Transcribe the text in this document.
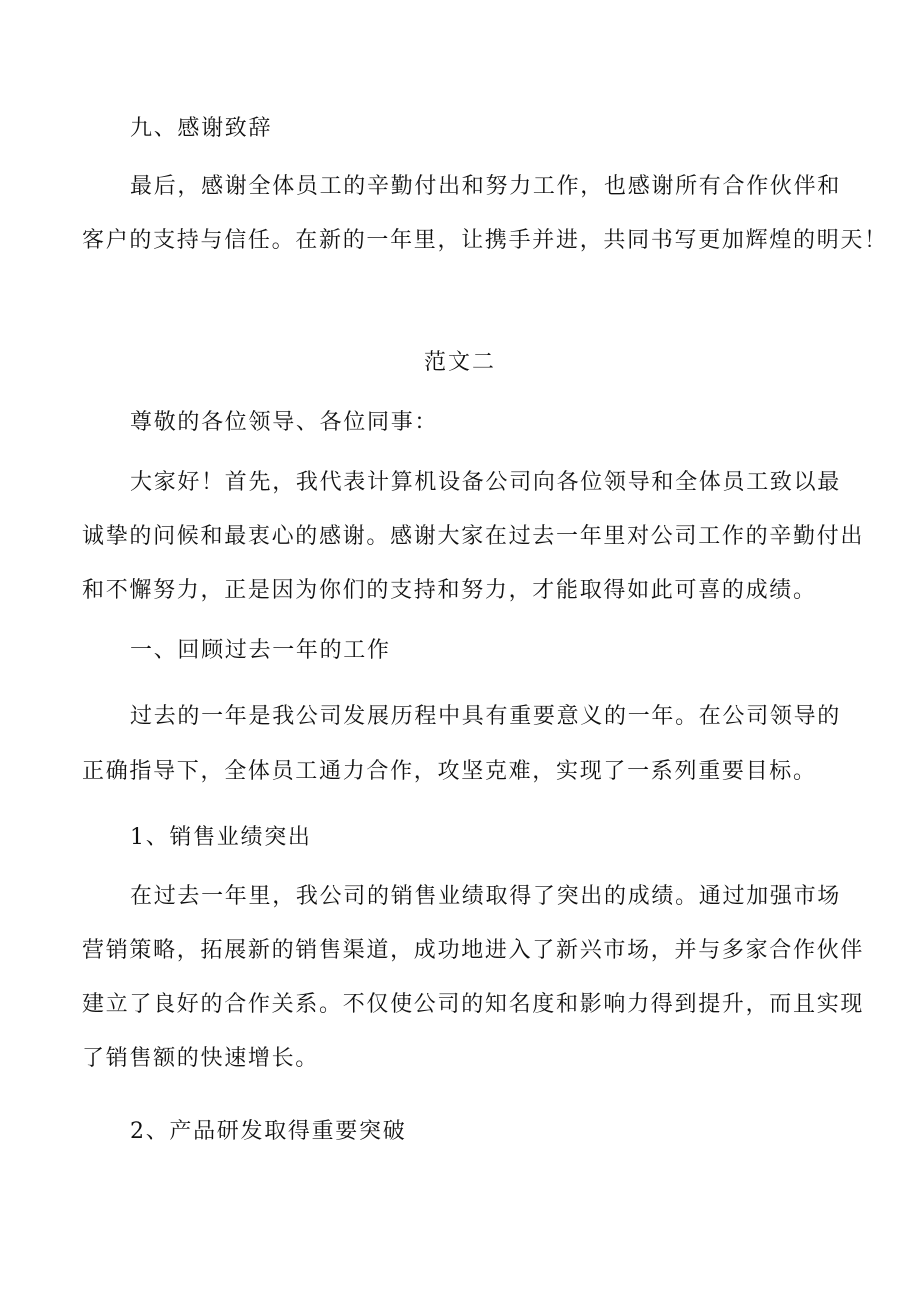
九、感谢致辞
最后，感谢全体员工的辛勤付出和努力工作，也感谢所有合作伙伴和
客户的支持与信任。在新的一年里，让携手并进，共同书写更加辉煌的明天！
范文二
尊敬的各位领导、各位同事：
大家好！首先，我代表计算机设备公司向各位领导和全体员工致以最
诚挚的问候和最衷心的感谢。感谢大家在过去一年里对公司工作的辛勤付出
和不懈努力，正是因为你们的支持和努力，才能取得如此可喜的成绩。
一、回顾过去一年的工作
过去的一年是我公司发展历程中具有重要意义的一年。在公司领导的
正确指导下，全体员工通力合作，攻坚克难，实现了一系列重要目标。
1、销售业绩突出
在过去一年里，我公司的销售业绩取得了突出的成绩。通过加强市场
营销策略，拓展新的销售渠道，成功地进入了新兴市场，并与多家合作伙伴
建立了良好的合作关系。不仅使公司的知名度和影响力得到提升，而且实现
了销售额的快速增长。
2、产品研发取得重要突破
